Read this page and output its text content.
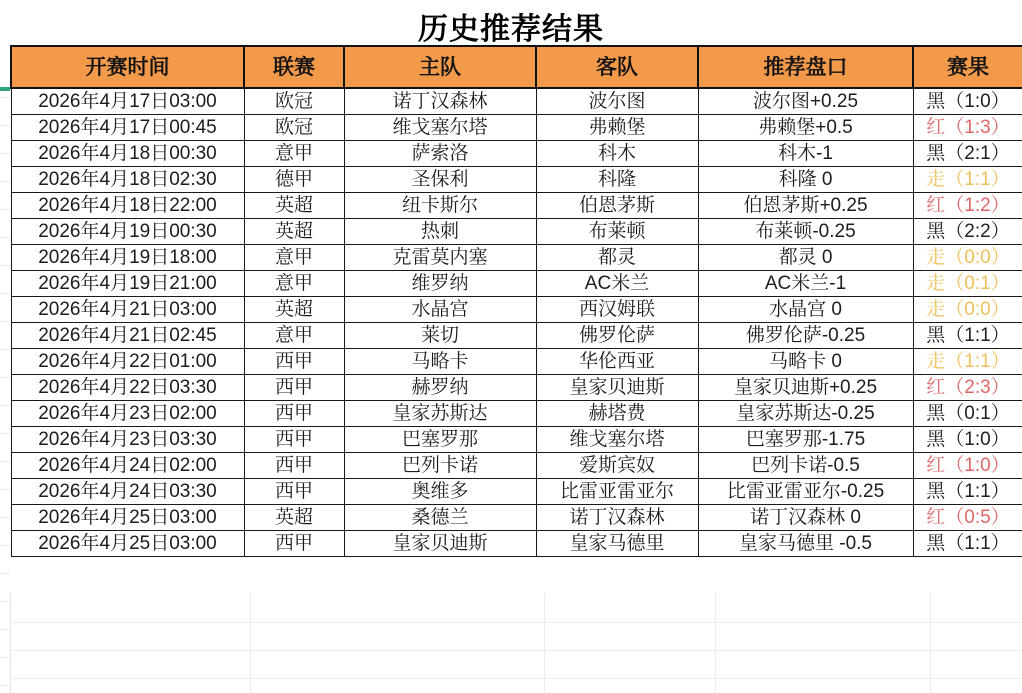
历史推荐结果
开赛时间	联赛	主队	客队	推荐盘口	赛果
2026年4月17日03:00	欧冠	诺丁汉森林	波尔图	波尔图+0.25	黑（1:0）
2026年4月17日00:45	欧冠	维戈塞尔塔	弗赖堡	弗赖堡+0.5	红（1:3）
2026年4月18日00:30	意甲	萨索洛	科木	科木-1	黑（2:1）
2026年4月18日02:30	德甲	圣保利	科隆	科隆 0	走（1:1）
2026年4月18日22:00	英超	纽卡斯尔	伯恩茅斯	伯恩茅斯+0.25	红（1:2）
2026年4月19日00:30	英超	热刺	布莱顿	布莱顿-0.25	黑（2:2）
2026年4月19日18:00	意甲	克雷莫内塞	都灵	都灵 0	走（0:0）
2026年4月19日21:00	意甲	维罗纳	AC米兰	AC米兰-1	走（0:1）
2026年4月21日03:00	英超	水晶宫	西汉姆联	水晶宫 0	走（0:0）
2026年4月21日02:45	意甲	莱切	佛罗伦萨	佛罗伦萨-0.25	黑（1:1）
2026年4月22日01:00	西甲	马略卡	华伦西亚	马略卡 0	走（1:1）
2026年4月22日03:30	西甲	赫罗纳	皇家贝迪斯	皇家贝迪斯+0.25	红（2:3）
2026年4月23日02:00	西甲	皇家苏斯达	赫塔费	皇家苏斯达-0.25	黑（0:1）
2026年4月23日03:30	西甲	巴塞罗那	维戈塞尔塔	巴塞罗那-1.75	黑（1:0）
2026年4月24日02:00	西甲	巴列卡诺	爱斯宾奴	巴列卡诺-0.5	红（1:0）
2026年4月24日03:30	西甲	奥维多	比雷亚雷亚尔	比雷亚雷亚尔-0.25	黑（1:1）
2026年4月25日03:00	英超	桑德兰	诺丁汉森林	诺丁汉森林 0	红（0:5）
2026年4月25日03:00	西甲	皇家贝迪斯	皇家马德里	皇家马德里 -0.5	黑（1:1）
